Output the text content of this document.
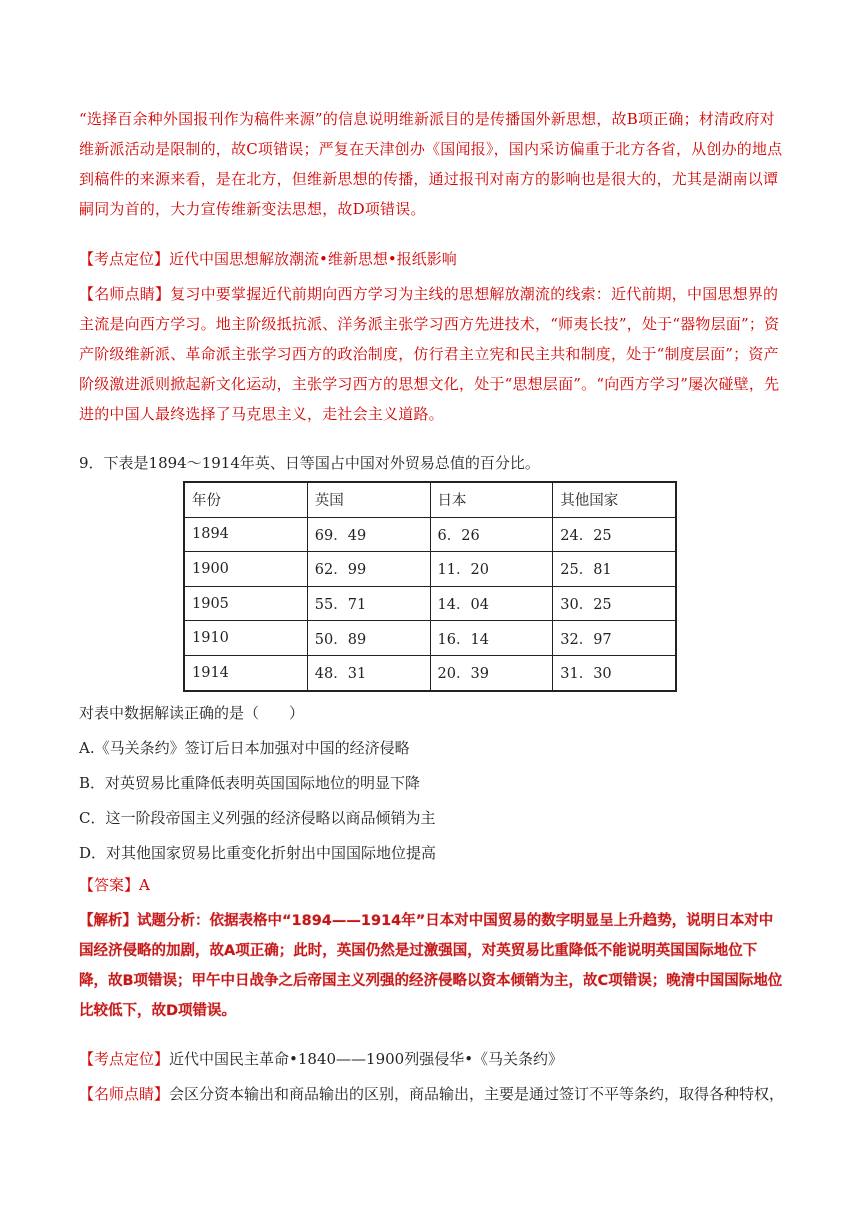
“选择百余种外国报刊作为稿件来源”的信息说明维新派目的是传播国外新思想，故B项正确；材清政府对维新派活动是限制的，故C项错误；严复在天津创办《国闻报》，国内采访偏重于北方各省，从创办的地点到稿件的来源来看，是在北方，但维新思想的传播，通过报刊对南方的影响也是很大的，尤其是湖南以谭嗣同为首的，大力宣传维新变法思想，故D项错误。

【考点定位】近代中国思想解放潮流•维新思想•报纸影响

【名师点睛】复习中要掌握近代前期向西方学习为主线的思想解放潮流的线索：近代前期，中国思想界的主流是向西方学习。地主阶级抵抗派、洋务派主张学习西方先进技术，“师夷长技”，处于“器物层面”；资产阶级维新派、革命派主张学习西方的政治制度，仿行君主立宪和民主共和制度，处于“制度层面”；资产阶级激进派则掀起新文化运动，主张学习西方的思想文化，处于“思想层面”。“向西方学习”屡次碰壁，先进的中国人最终选择了马克思主义，走社会主义道路。

9．下表是1894～1914年英、日等国占中国对外贸易总值的百分比。

年份	英国	日本	其他国家
1894	69．49	6．26	24．25
1900	62．99	11．20	25．81
1905	55．71	14．04	30．25
1910	50．89	16．14	32．97
1914	48．31	20．39	31．30

对表中数据解读正确的是（　　）

A.《马关条约》签订后日本加强对中国的经济侵略

B．对英贸易比重降低表明英国国际地位的明显下降

C．这一阶段帝国主义列强的经济侵略以商品倾销为主

D．对其他国家贸易比重变化折射出中国国际地位提高

【答案】A

【解析】试题分析：依据表格中“1894——1914年”日本对中国贸易的数字明显呈上升趋势，说明日本对中国经济侵略的加剧，故A项正确；此时，英国仍然是过激强国，对英贸易比重降低不能说明英国国际地位下降，故B项错误；甲午中日战争之后帝国主义列强的经济侵略以资本倾销为主，故C项错误；晚清中国国际地位比较低下，故D项错误。

【考点定位】近代中国民主革命•1840——1900列强侵华•《马关条约》

【名师点睛】会区分资本输出和商品输出的区别，商品输出，主要是通过签订不平等条约，取得各种特权，
